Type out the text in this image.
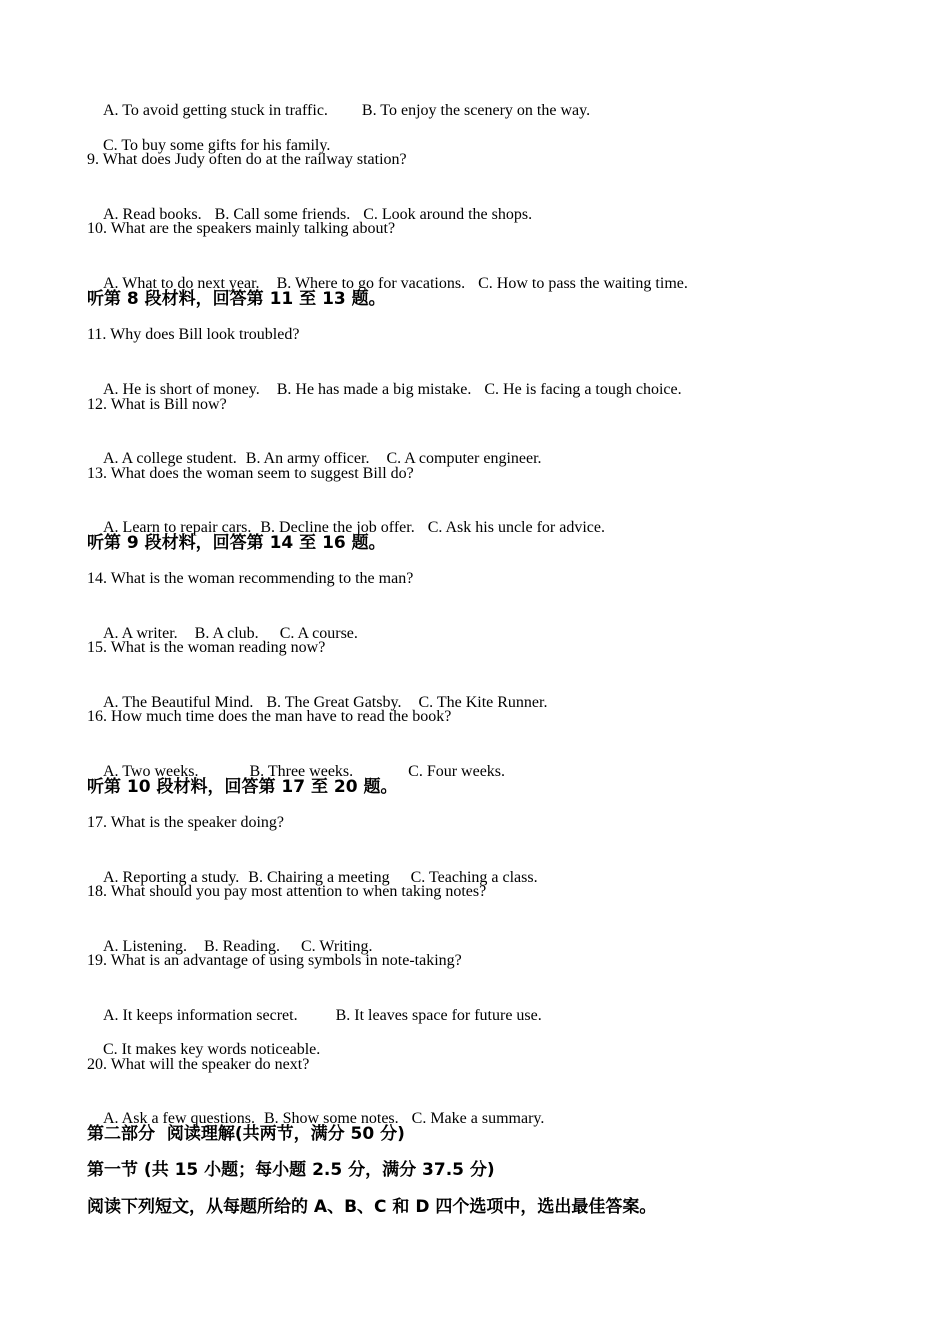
A. To avoid getting stuck in traffic. B. To enjoy the scenery on the way.

C. To buy some gifts for his family.

9. What does Judy often do at the railway station?

A. Read books. B. Call some friends. C. Look around the shops.

10. What are the speakers mainly talking about?

A. What to do next year. B. Where to go for vacations. C. How to pass the waiting time.

听第 8 段材料，回答第 11 至 13 题。
11. Why does Bill look troubled?

A. He is short of money. B. He has made a big mistake. C. He is facing a tough choice.

12. What is Bill now?

A. A college student. B. An army officer. C. A computer engineer.

13. What does the woman seem to suggest Bill do?

A. Learn to repair cars. B. Decline the job offer. C. Ask his uncle for advice.

听第 9 段材料，回答第 14 至 16 题。
14. What is the woman recommending to the man?

A. A writer. B. A club. C. A course.

15. What is the woman reading now?

A. The Beautiful Mind. B. The Great Gatsby. C. The Kite Runner.

16. How much time does the man have to read the book?

A. Two weeks.	B. Three weeks.	C. Four weeks.

听第 10 段材料，回答第 17 至 20 题。
17. What is the speaker doing?

A. Reporting a study. B. Chairing a meeting C. Teaching a class.

18. What should you pay most attention to when taking notes?

A. Listening. B. Reading. C. Writing.

19. What is an advantage of using symbols in note-taking?

A. It keeps information secret. B. It leaves space for future use.

C. It makes key words noticeable.

20. What will the speaker do next?

A. Ask a few questions. B. Show some notes. C. Make a summary.

第二部分  阅读理解(共两节，满分 50 分)
第一节 (共 15 小题；每小题 2.5 分，满分 37.5 分)
阅读下列短文，从每题所给的 A、B、C 和 D 四个选项中，选出最佳答案。
